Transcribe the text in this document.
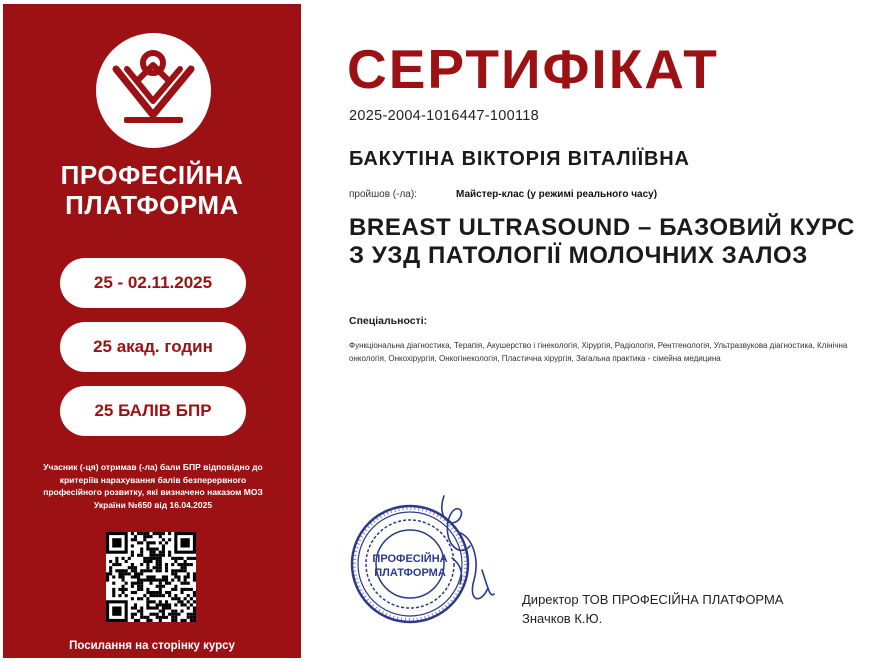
ПРОФЕСІЙНА
ПЛАТФОРМА
25 - 02.11.2025
25 акад. годин
25 БАЛІВ БПР
Учасник (-ця) отримав (-ла) бали БПР відповідно до критеріїв нарахування балів безперервного професійного розвитку, які визначено наказом МОЗ України №650 від 16.04.2025
Посилання на сторінку курсу
СЕРТИФІКАТ
2025-2004-1016447-100118
БАКУТІНА ВІКТОРІЯ ВІТАЛІЇВНА
пройшов (-ла):	Майстер-клас (у режимі реального часу)
BREAST ULTRASOUND – БАЗОВИЙ КУРС З УЗД ПАТОЛОГІЇ МОЛОЧНИХ ЗАЛОЗ
Спеціальності:
Функціональна діагностика, Терапія, Акушерство і гінекологія, Хірургія, Радіологія, Рентгенологія, Ультразвукова діагностика, Клінічна онкологія, Онкохірургія, Онкогінекологія, Пластична хірургія, Загальна практика - сімейна медицина
ПРОФЕСІЙНА
ПЛАТФОРМА
Директор ТОВ ПРОФЕСІЙНА ПЛАТФОРМА
Значков К.Ю.
